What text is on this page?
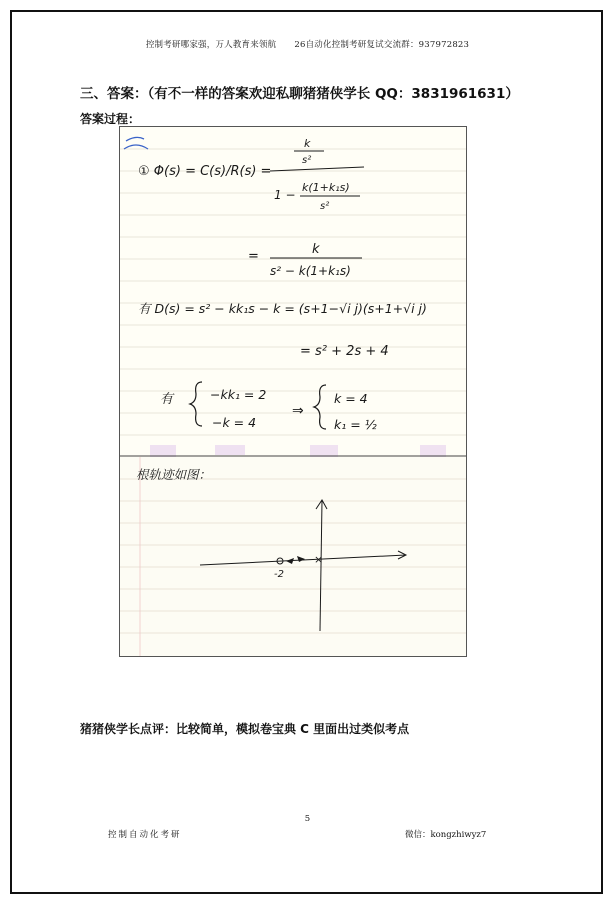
控制考研哪家强，万人教育来领航 26自动化控制考研复试交流群：937972823
三、答案：（有不一样的答案欢迎私聊猪猪侠学长 QQ：3831961631）
答案过程：
① Φ(s) = C(s)/R(s) =
k
s²
1 −
k(1+k₁s)
s²
=	k
s² − k(1+k₁s)
有 D(s) = s² − kk₁s − k = (s+1−√i j)(s+1+√i j)
= s² + 2s + 4
有	−kk₁ = 2
−k = 4
⇒
k = 4
k₁ = ½
根轨迹如图：
×
-2
猪猪侠学长点评：比较简单，模拟卷宝典 C 里面出过类似考点
5
控制自动化考研	微信：kongzhiwyz7
